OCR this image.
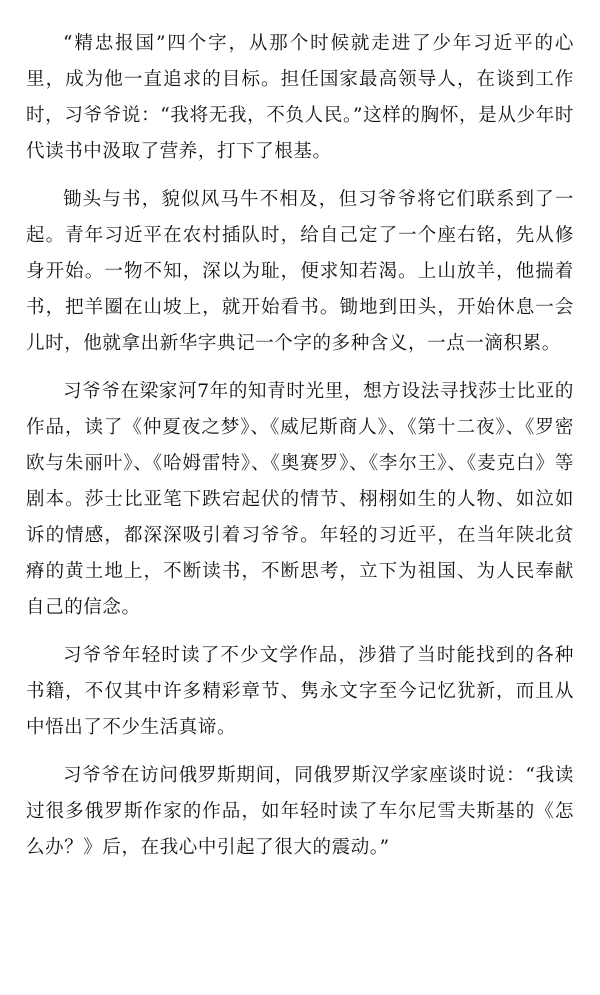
“精忠报国”四个字，从那个时候就走进了少年习近平的心里，成为他一直追求的目标。担任国家最高领导人，在谈到工作时，习爷爷说：“我将无我，不负人民。”这样的胸怀，是从少年时代读书中汲取了营养，打下了根基。

锄头与书，貌似风马牛不相及，但习爷爷将它们联系到了一起。青年习近平在农村插队时，给自己定了一个座右铭，先从修身开始。一物不知，深以为耻，便求知若渴。上山放羊，他揣着书，把羊圈在山坡上，就开始看书。锄地到田头，开始休息一会儿时，他就拿出新华字典记一个字的多种含义，一点一滴积累。

习爷爷在梁家河7年的知青时光里，想方设法寻找莎士比亚的作品，读了《仲夏夜之梦》、《威尼斯商人》、《第十二夜》、《罗密欧与朱丽叶》、《哈姆雷特》、《奥赛罗》、《李尔王》、《麦克白》等剧本。莎士比亚笔下跌宕起伏的情节、栩栩如生的人物、如泣如诉的情感，都深深吸引着习爷爷。年轻的习近平，在当年陕北贫瘠的黄土地上，不断读书，不断思考，立下为祖国、为人民奉献自己的信念。

习爷爷年轻时读了不少文学作品，涉猎了当时能找到的各种书籍，不仅其中许多精彩章节、隽永文字至今记忆犹新，而且从中悟出了不少生活真谛。

习爷爷在访问俄罗斯期间，同俄罗斯汉学家座谈时说：“我读过很多俄罗斯作家的作品，如年轻时读了车尔尼雪夫斯基的《怎么办？》后，在我心中引起了很大的震动。”
